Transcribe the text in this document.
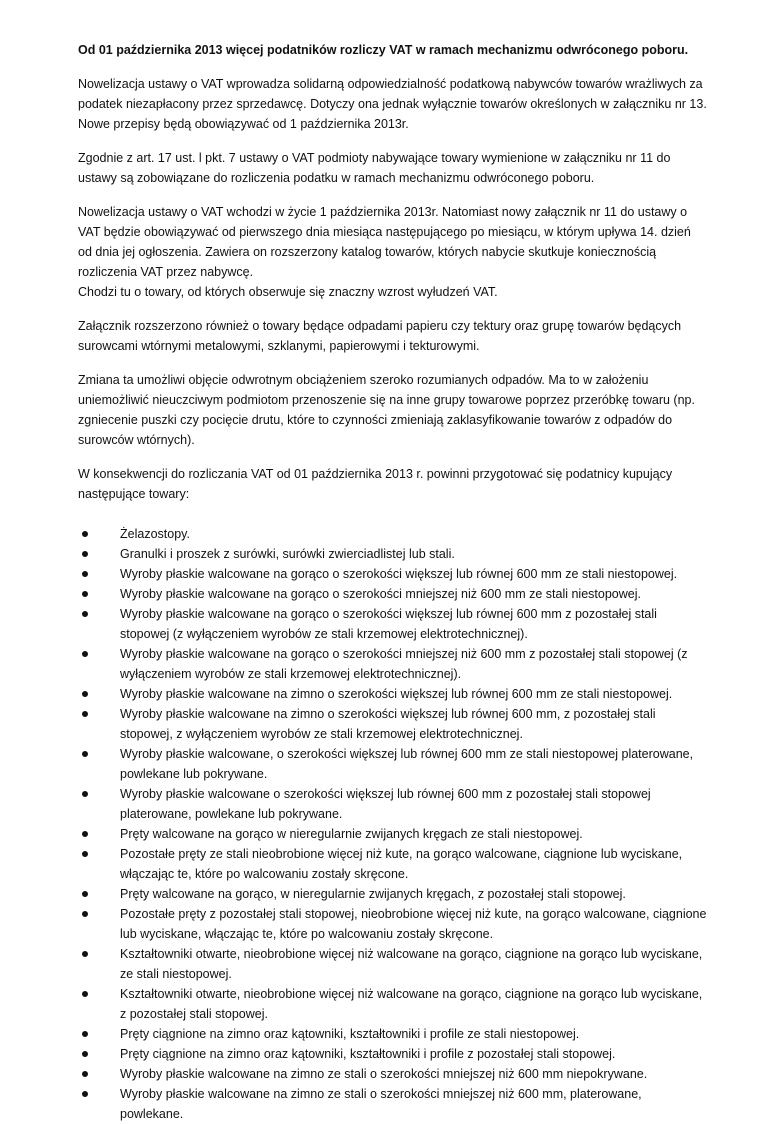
Od 01 października 2013 więcej podatników rozliczy VAT w ramach mechanizmu odwróconego poboru.

Nowelizacja ustawy o VAT wprowadza solidarną odpowiedzialność podatkową nabywców towarów wrażliwych za podatek niezapłacony przez sprzedawcę. Dotyczy ona jednak wyłącznie towarów określonych w załączniku nr 13. Nowe przepisy będą obowiązywać od 1 października 2013r.

Zgodnie z art. 17 ust. l pkt. 7 ustawy o VAT podmioty nabywające towary wymienione w załączniku nr 11 do ustawy są zobowiązane do rozliczenia podatku w ramach mechanizmu odwróconego poboru.

Nowelizacja ustawy o VAT wchodzi w życie 1 października 2013r. Natomiast nowy załącznik nr 11 do ustawy o VAT będzie obowiązywać od pierwszego dnia miesiąca następującego po miesiącu, w którym upływa 14. dzień od dnia jej ogłoszenia. Zawiera on rozszerzony katalog towarów, których nabycie skutkuje koniecznością rozliczenia VAT przez nabywcę.

Chodzi tu o towary, od których obserwuje się znaczny wzrost wyłudzeń VAT.

Załącznik rozszerzono również o towary będące odpadami papieru czy tektury oraz grupę towarów będących surowcami wtórnymi metalowymi, szklanymi, papierowymi i tekturowymi.

Zmiana ta umożliwi objęcie odwrotnym obciążeniem szeroko rozumianych odpadów. Ma to w założeniu uniemożliwić nieuczciwym podmiotom przenoszenie się na inne grupy towarowe poprzez przeróbkę towaru (np. zgniecenie puszki czy pocięcie drutu, które to czynności zmieniają zaklasyfikowanie towarów z odpadów do surowców wtórnych).

W konsekwencji do rozliczania VAT od 01 października 2013 r. powinni przygotować się podatnicy kupujący następujące towary:

Żelazostopy.
Granulki i proszek z surówki, surówki zwierciadlistej lub stali.
Wyroby płaskie walcowane na gorąco o szerokości większej lub równej 600 mm ze stali niestopowej.
Wyroby płaskie walcowane na gorąco o szerokości mniejszej niż 600 mm ze stali niestopowej.
Wyroby płaskie walcowane na gorąco o szerokości większej lub równej 600 mm z pozostałej stali stopowej (z wyłączeniem wyrobów ze stali krzemowej elektrotechnicznej).
Wyroby płaskie walcowane na gorąco o szerokości mniejszej niż 600 mm z pozostałej stali stopowej (z wyłączeniem wyrobów ze stali krzemowej elektrotechnicznej).
Wyroby płaskie walcowane na zimno o szerokości większej lub równej 600 mm ze stali niestopowej.
Wyroby płaskie walcowane na zimno o szerokości większej lub równej 600 mm, z pozostałej stali stopowej, z wyłączeniem wyrobów ze stali krzemowej elektrotechnicznej.
Wyroby płaskie walcowane, o szerokości większej lub równej 600 mm ze stali niestopowej platerowane, powlekane lub pokrywane.
Wyroby płaskie walcowane o szerokości większej lub równej 600 mm z pozostałej stali stopowej platerowane, powlekane lub pokrywane.
Pręty walcowane na gorąco w nieregularnie zwijanych kręgach ze stali niestopowej.
Pozostałe pręty ze stali nieobrobione więcej niż kute, na gorąco walcowane, ciągnione lub wyciskane, włączając te, które po walcowaniu zostały skręcone.
Pręty walcowane na gorąco, w nieregularnie zwijanych kręgach, z pozostałej stali stopowej.
Pozostałe pręty z pozostałej stali stopowej, nieobrobione więcej niż kute, na gorąco walcowane, ciągnione lub wyciskane, włączając te, które po walcowaniu zostały skręcone.
Kształtowniki otwarte, nieobrobione więcej niż walcowane na gorąco, ciągnione na gorąco lub wyciskane, ze stali niestopowej.
Kształtowniki otwarte, nieobrobione więcej niż walcowane na gorąco, ciągnione na gorąco lub wyciskane, z pozostałej stali stopowej.
Pręty ciągnione na zimno oraz kątowniki, kształtowniki i profile ze stali niestopowej.
Pręty ciągnione na zimno oraz kątowniki, kształtowniki i profile z pozostałej stali stopowej.
Wyroby płaskie walcowane na zimno ze stali o szerokości mniejszej niż 600 mm niepokrywane.
Wyroby płaskie walcowane na zimno ze stali o szerokości mniejszej niż 600 mm, platerowane, powlekane.
